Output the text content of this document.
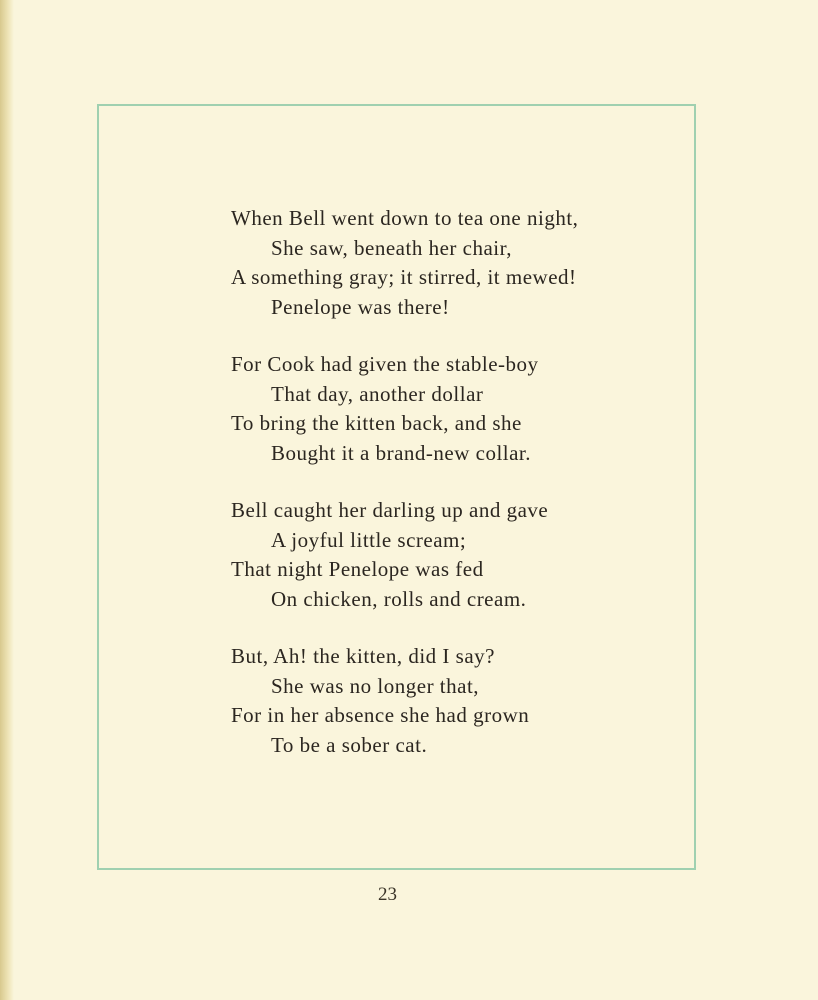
When Bell went down to tea one night,
She saw, beneath her chair,
A something gray; it stirred, it mewed!
Penelope was there!
For Cook had given the stable-boy
That day, another dollar
To bring the kitten back, and she
Bought it a brand-new collar.
Bell caught her darling up and gave
A joyful little scream;
That night Penelope was fed
On chicken, rolls and cream.
But, Ah! the kitten, did I say?
She was no longer that,
For in her absence she had grown
To be a sober cat.
23
